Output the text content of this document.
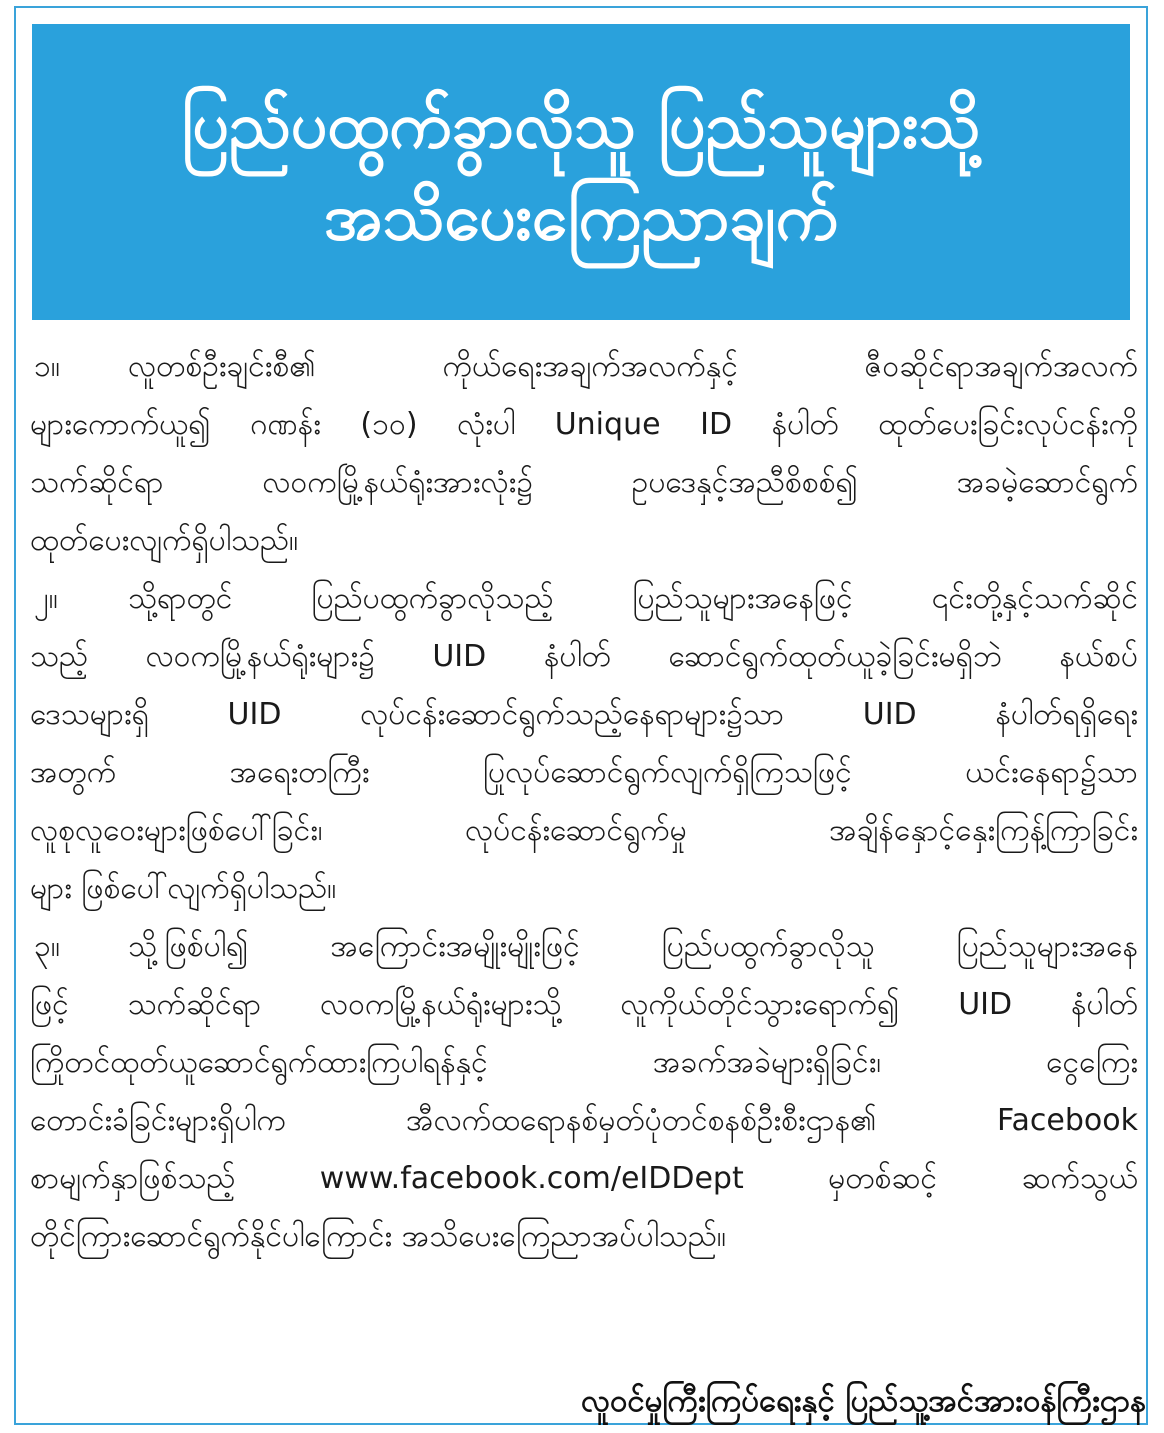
ပြည်ပထွက်ခွာလိုသူ ပြည်သူများသို့
အသိပေးကြေညာချက်
၁။ လူတစ်ဦးချင်းစီ၏ ကိုယ်ရေးအချက်အလက်နှင့် ဇီဝဆိုင်ရာအချက်အလက်
များကောက်ယူ၍ ဂဏန်း (၁၀) လုံးပါ Unique ID နံပါတ် ထုတ်ပေးခြင်းလုပ်ငန်းကို
သက်ဆိုင်ရာ လဝကမြို့နယ်ရုံးအားလုံး၌ ဥပဒေနှင့်အညီစိစစ်၍ အခမဲ့ဆောင်ရွက်
ထုတ်ပေးလျက်ရှိပါသည်။
၂။ သို့ရာတွင် ပြည်ပထွက်ခွာလိုသည့် ပြည်သူများအနေဖြင့် ၎င်းတို့နှင့်သက်ဆိုင်
သည့် လဝကမြို့နယ်ရုံးများ၌ UID နံပါတ် ဆောင်ရွက်ထုတ်ယူခဲ့ခြင်းမရှိဘဲ နယ်စပ်
ဒေသများရှိ UID လုပ်ငန်းဆောင်ရွက်သည့်နေရာများ၌သာ UID နံပါတ်ရရှိရေး
အတွက် အရေးတကြီး ပြုလုပ်ဆောင်ရွက်လျက်ရှိကြသဖြင့် ယင်းနေရာ၌သာ
လူစုလူဝေးများဖြစ်ပေါ်ခြင်း၊ လုပ်ငန်းဆောင်ရွက်မှု အချိန်နှောင့်နှေးကြန့်ကြာခြင်း
များ ဖြစ်ပေါ်လျက်ရှိပါသည်။
၃။ သို့ဖြစ်ပါ၍ အကြောင်းအမျိုးမျိုးဖြင့် ပြည်ပထွက်ခွာလိုသူ ပြည်သူများအနေ
ဖြင့် သက်ဆိုင်ရာ လဝကမြို့နယ်ရုံးများသို့ လူကိုယ်တိုင်သွားရောက်၍ UID နံပါတ်
ကြိုတင်ထုတ်ယူဆောင်ရွက်ထားကြပါရန်နှင့် အခက်အခဲများရှိခြင်း၊ ငွေကြေး
တောင်းခံခြင်းများရှိပါက အီလက်ထရောနစ်မှတ်ပုံတင်စနစ်ဦးစီးဌာန၏ Facebook
စာမျက်နှာဖြစ်သည့် www.facebook.com/eIDDept မှတစ်ဆင့် ဆက်သွယ်
တိုင်ကြားဆောင်ရွက်နိုင်ပါကြောင်း အသိပေးကြေညာအပ်ပါသည်။
လူဝင်မှုကြီးကြပ်ရေးနှင့် ပြည်သူ့အင်အားဝန်ကြီးဌာန
